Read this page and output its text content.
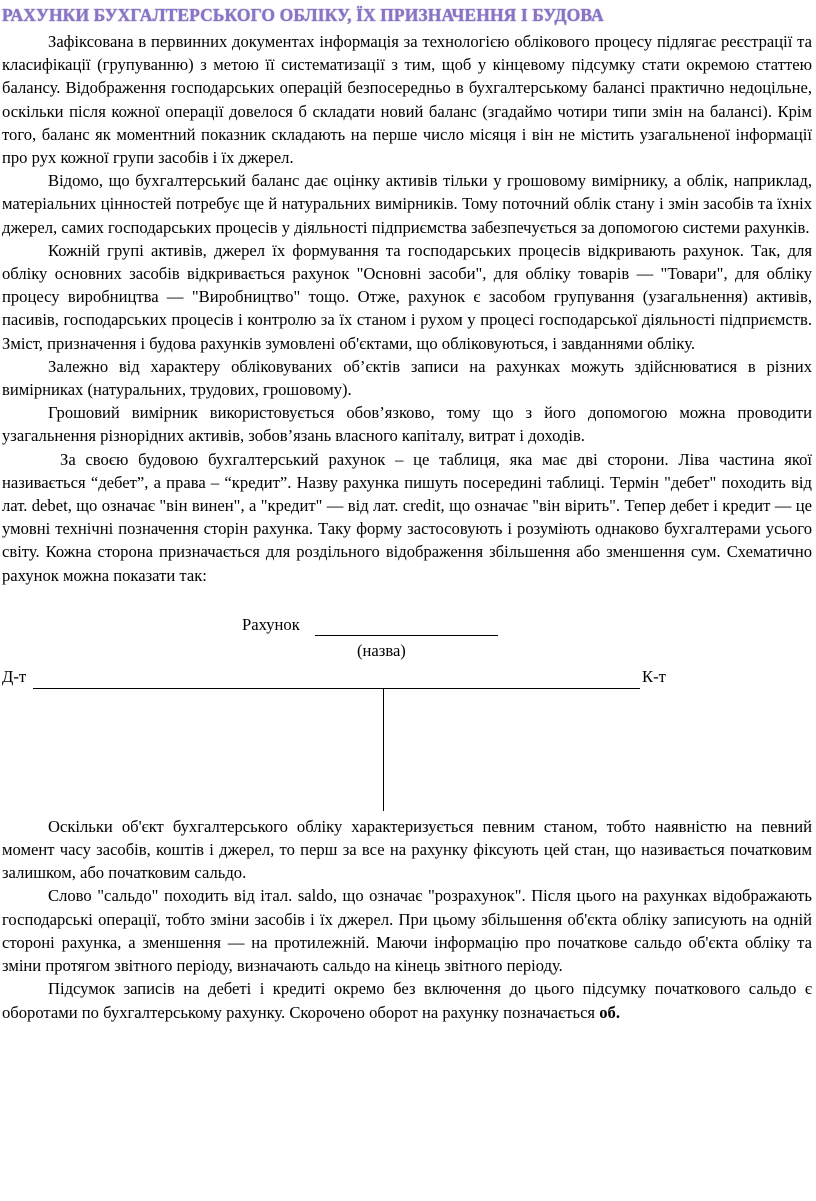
РАХУНКИ БУХГАЛТЕРСЬКОГО ОБЛІКУ, ЇХ ПРИЗНАЧЕННЯ І БУДОВА

Зафіксована в первинних документах інформація за технологією облікового процесу підлягає реєстрації та класифікації (групуванню) з метою її систематизації з тим, щоб у кінцевому підсумку стати окремою статтею балансу. Відображення господарських операцій безпосередньо в бухгалтерському балансі практично недоцільне, оскільки після кожної операції довелося б складати новий баланс (згадаймо чотири типи змін на балансі). Крім того, баланс як моментний показник складають на перше число місяця і він не містить узагальненої інформації про рух кожної групи засобів і їх джерел.

Відомо, що бухгалтерський баланс дає оцінку активів тільки у грошовому вимірнику, а облік, наприклад, матеріальних цінностей потребує ще й натуральних вимірників. Тому поточний облік стану і змін засобів та їхніх джерел, самих господарських процесів у діяльності підприємства забезпечується за допомогою системи рахунків.

Кожній групі активів, джерел їх формування та господарських процесів відкривають рахунок. Так, для обліку основних засобів відкривається рахунок "Основні засоби", для обліку товарів — "Товари", для обліку процесу виробництва — "Виробництво" тощо. Отже, рахунок є засобом групування (узагальнення) активів, пасивів, господарських процесів і контролю за їх станом і рухом у процесі господарської діяльності підприємств. Зміст, призначення і будова рахунків зумовлені об'єктами, що обліковуються, і завданнями обліку.

Залежно від характеру обліковуваних об’єктів записи на рахунках можуть здійснюватися в різних вимірниках (натуральних, трудових, грошовому).

Грошовий вимірник використовується обов’язково, тому що з його допомогою можна проводити узагальнення різнорідних активів, зобов’язань власного капіталу, витрат і доходів.

За своєю будовою бухгалтерський рахунок – це таблиця, яка має дві сторони. Ліва частина якої називається “дебет”, а права – “кредит”. Назву рахунка пишуть посередині таблиці. Термін "дебет" походить від лат. debet, що означає "він винен", а "кредит" — від лат. credit, що означає "він вірить". Тепер дебет і кредит — це умовні технічні позначення сторін рахунка. Таку форму застосовують і розуміють однаково бухгалтерами усього світу. Кожна сторона призначається для роздільного відображення збільшення або зменшення сум. Схематично рахунок можна показати так:

Рахунок
(назва)
Д-т	К-т

Оскільки об'єкт бухгалтерського обліку характеризується певним станом, тобто наявністю на певний момент часу засобів, коштів і джерел, то перш за все на рахунку фіксують цей стан, що називається початковим залишком, або початковим сальдо.

Слово "сальдо" походить від італ. saldo, що означає "розрахунок". Після цього на рахунках відображають господарські операції, тобто зміни засобів і їх джерел. При цьому збільшення об'єкта обліку записують на одній стороні рахунка, а зменшення — на протилежній. Маючи інформацію про початкове сальдо об'єкта обліку та зміни протягом звітного періоду, визначають сальдо на кінець звітного періоду.

Підсумок записів на дебеті і кредиті окремо без включення до цього підсумку початкового сальдо є оборотами по бухгалтерському рахунку. Скорочено оборот на рахунку позначається об.
